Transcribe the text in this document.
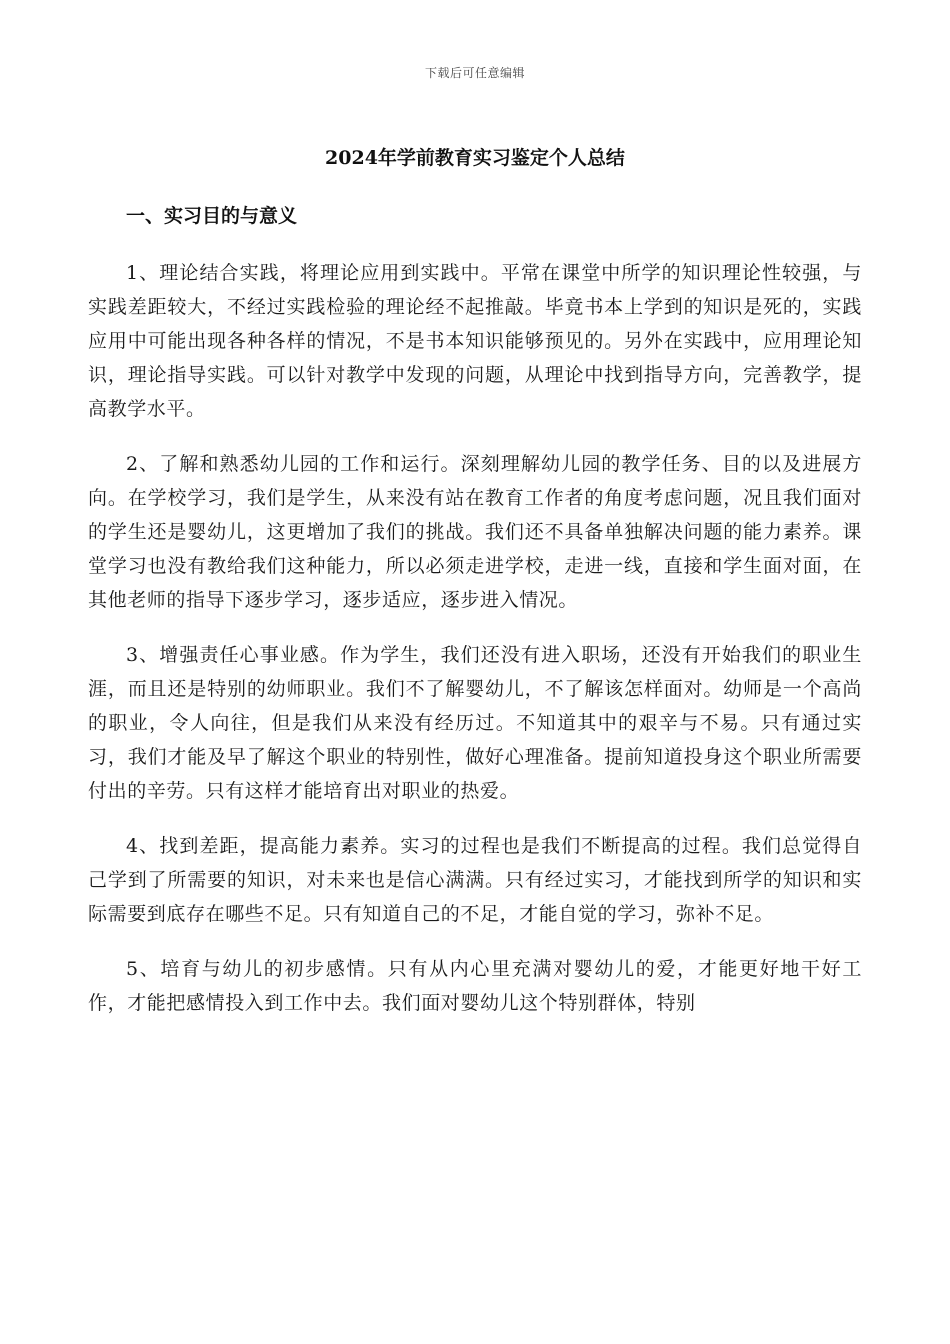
下载后可任意编辑
2024年学前教育实习鉴定个人总结
一、实习目的与意义

1、理论结合实践，将理论应用到实践中。平常在课堂中所学的知识理论性较强，与实践差距较大，不经过实践检验的理论经不起推敲。毕竟书本上学到的知识是死的，实践应用中可能出现各种各样的情况，不是书本知识能够预见的。另外在实践中，应用理论知识，理论指导实践。可以针对教学中发现的问题，从理论中找到指导方向，完善教学，提高教学水平。

2、了解和熟悉幼儿园的工作和运行。深刻理解幼儿园的教学任务、目的以及进展方向。在学校学习，我们是学生，从来没有站在教育工作者的角度考虑问题，况且我们面对的学生还是婴幼儿，这更增加了我们的挑战。我们还不具备单独解决问题的能力素养。课堂学习也没有教给我们这种能力，所以必须走进学校，走进一线，直接和学生面对面，在其他老师的指导下逐步学习，逐步适应，逐步进入情况。

3、增强责任心事业感。作为学生，我们还没有进入职场，还没有开始我们的职业生涯，而且还是特别的幼师职业。我们不了解婴幼儿，不了解该怎样面对。幼师是一个高尚的职业，令人向往，但是我们从来没有经历过。不知道其中的艰辛与不易。只有通过实习，我们才能及早了解这个职业的特别性，做好心理准备。提前知道投身这个职业所需要付出的辛劳。只有这样才能培育出对职业的热爱。

4、找到差距，提高能力素养。实习的过程也是我们不断提高的过程。我们总觉得自己学到了所需要的知识，对未来也是信心满满。只有经过实习，才能找到所学的知识和实际需要到底存在哪些不足。只有知道自己的不足，才能自觉的学习，弥补不足。

5、培育与幼儿的初步感情。只有从内心里充满对婴幼儿的爱，才能更好地干好工作，才能把感情投入到工作中去。我们面对婴幼儿这个特别群体，特别
